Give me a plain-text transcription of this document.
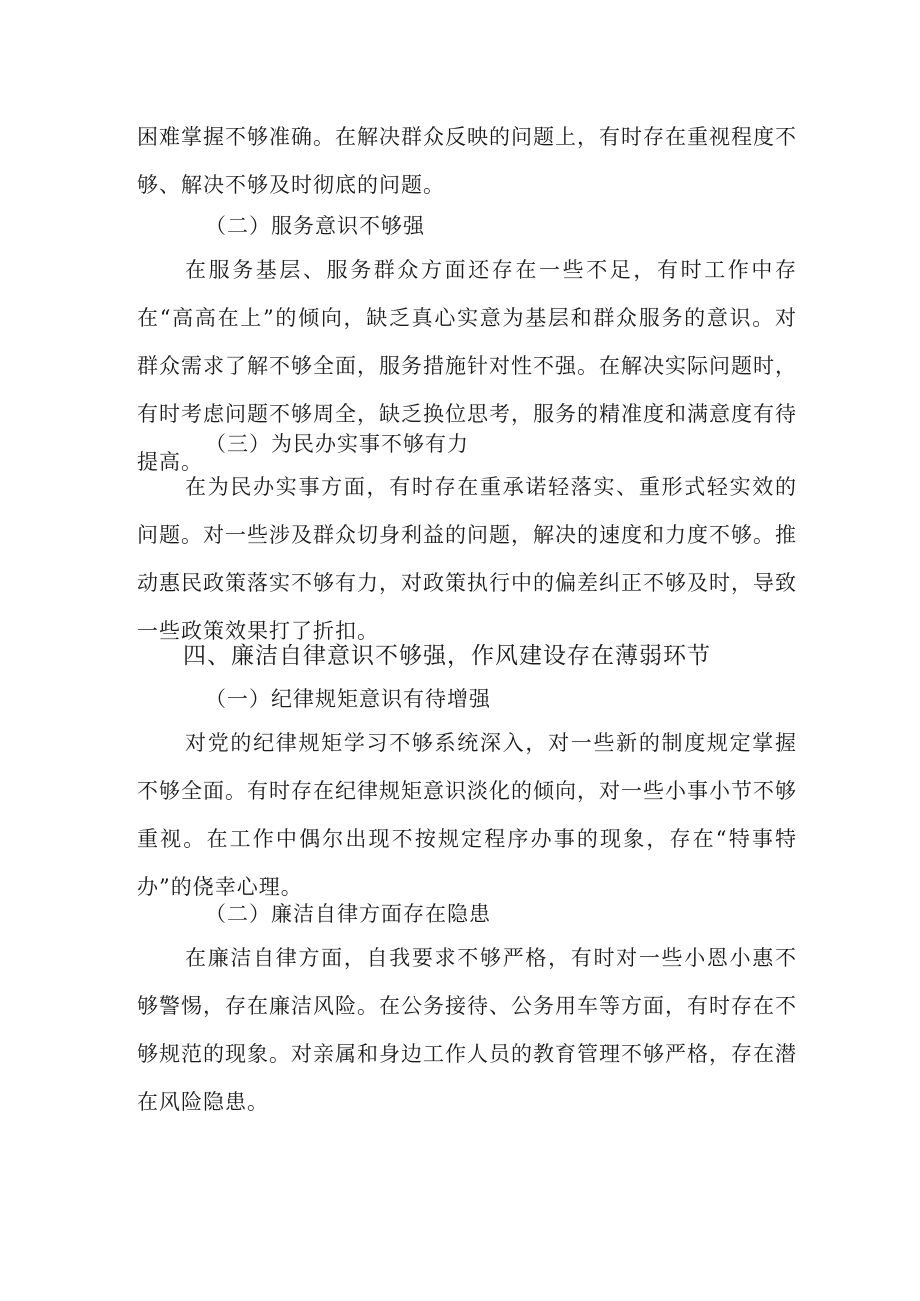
困难掌握不够准确。在解决群众反映的问题上，有时存在重视程度不够、解决不够及时彻底的问题。

（二）服务意识不够强

在服务基层、服务群众方面还存在一些不足，有时工作中存在“高高在上”的倾向，缺乏真心实意为基层和群众服务的意识。对群众需求了解不够全面，服务措施针对性不强。在解决实际问题时，有时考虑问题不够周全，缺乏换位思考，服务的精准度和满意度有待提高。

（三）为民办实事不够有力

在为民办实事方面，有时存在重承诺轻落实、重形式轻实效的问题。对一些涉及群众切身利益的问题，解决的速度和力度不够。推动惠民政策落实不够有力，对政策执行中的偏差纠正不够及时，导致一些政策效果打了折扣。

四、廉洁自律意识不够强，作风建设存在薄弱环节

（一）纪律规矩意识有待增强

对党的纪律规矩学习不够系统深入，对一些新的制度规定掌握不够全面。有时存在纪律规矩意识淡化的倾向，对一些小事小节不够重视。在工作中偶尔出现不按规定程序办事的现象，存在“特事特办”的侥幸心理。

（二）廉洁自律方面存在隐患

在廉洁自律方面，自我要求不够严格，有时对一些小恩小惠不够警惕，存在廉洁风险。在公务接待、公务用车等方面，有时存在不够规范的现象。对亲属和身边工作人员的教育管理不够严格，存在潜在风险隐患。
